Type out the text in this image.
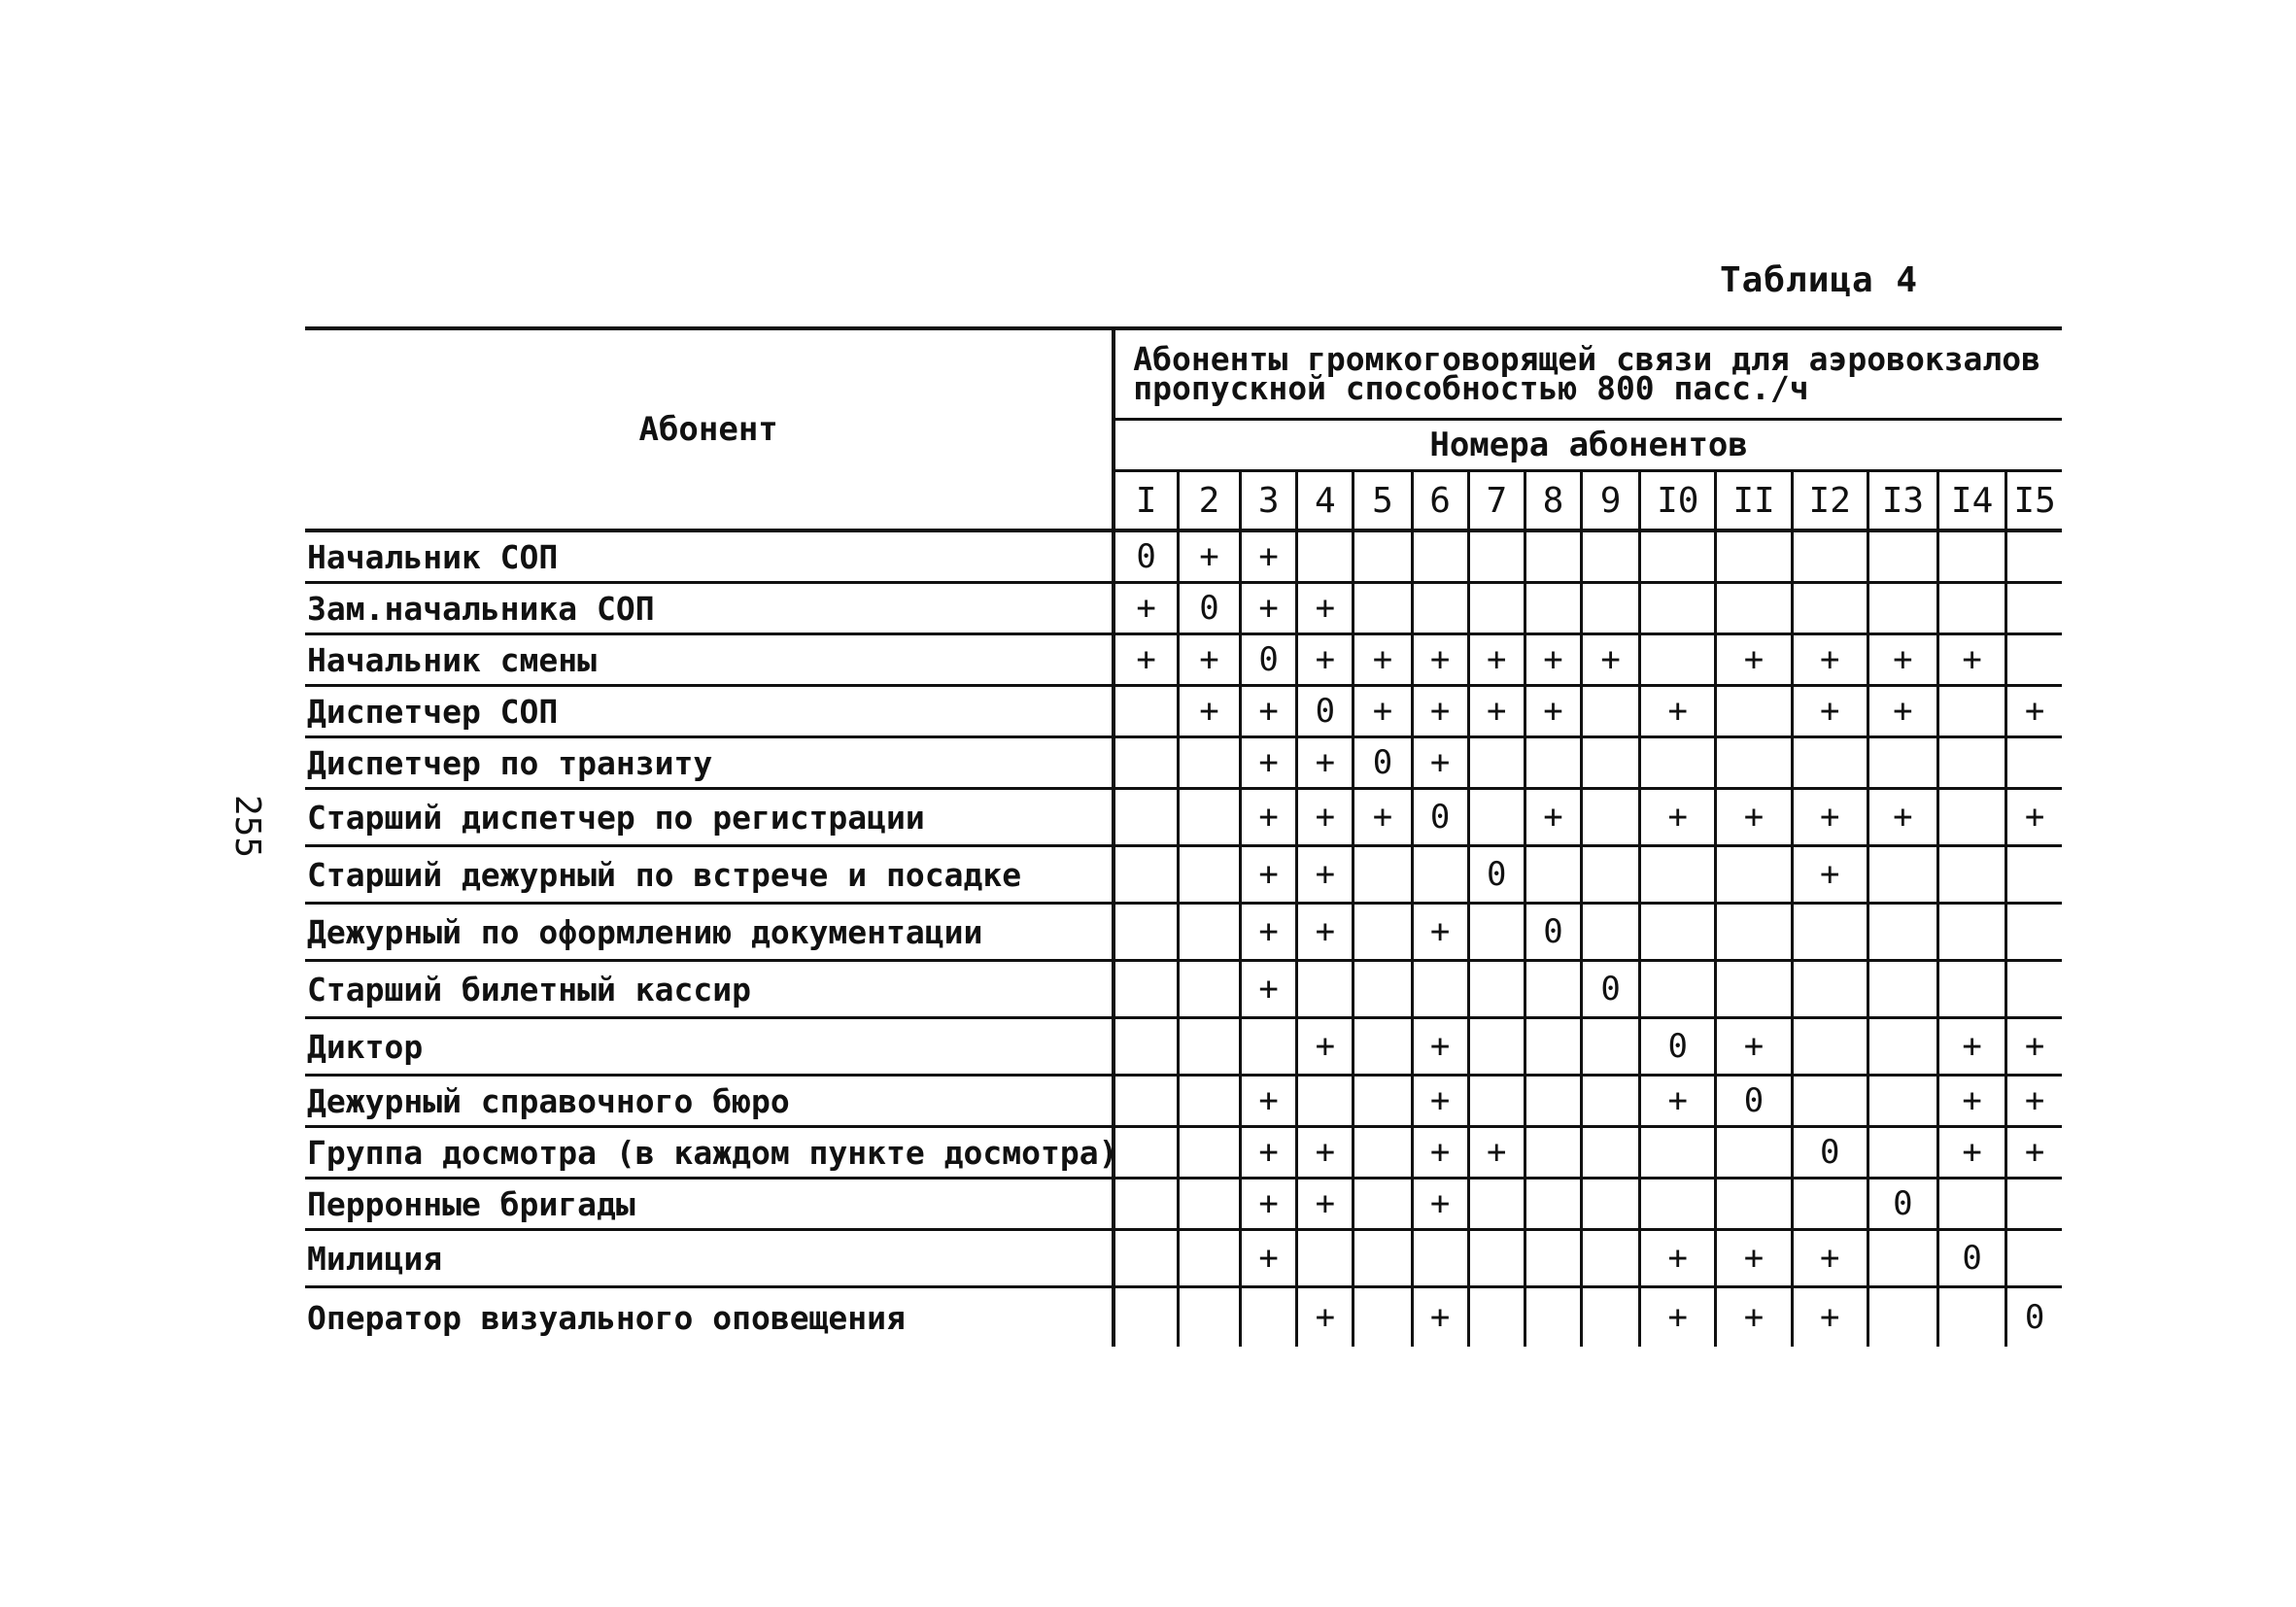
Таблица 4
255
Абонент	Абоненты громкоговорящей связи для аэровокзалов
пропускной способностью 800 пасс./ч														

	Номера абонентов														
	I	2	3	4	5	6	7	8	9	I0	II	I2	I3	I4	I5
Начальник СОП	0	+	+												
Зам.начальника СОП	+	0	+	+											
Начальник смены	+	+	0	+	+	+	+	+	+		+	+	+	+	
Диспетчер СОП		+	+	0	+	+	+	+		+		+	+		+
Диспетчер по транзиту			+	+	0	+									
Старший диспетчер по регистрации			+	+	+	0		+		+	+	+	+		+
Старший дежурный по встрече и посадке			+	+			0					+			
Дежурный по оформлению документации			+	+		+		0							
Старший билетный кассир			+						0						
Диктор				+		+				0	+			+	+
Дежурный справочного бюро			+			+				+	0			+	+
Группа досмотра (в каждом пункте досмотра)			+	+		+	+					0		+	+
Перронные бригады			+	+		+							0		
Милиция			+							+	+	+		0	
Оператор визуального оповещения				+		+				+	+	+			0
